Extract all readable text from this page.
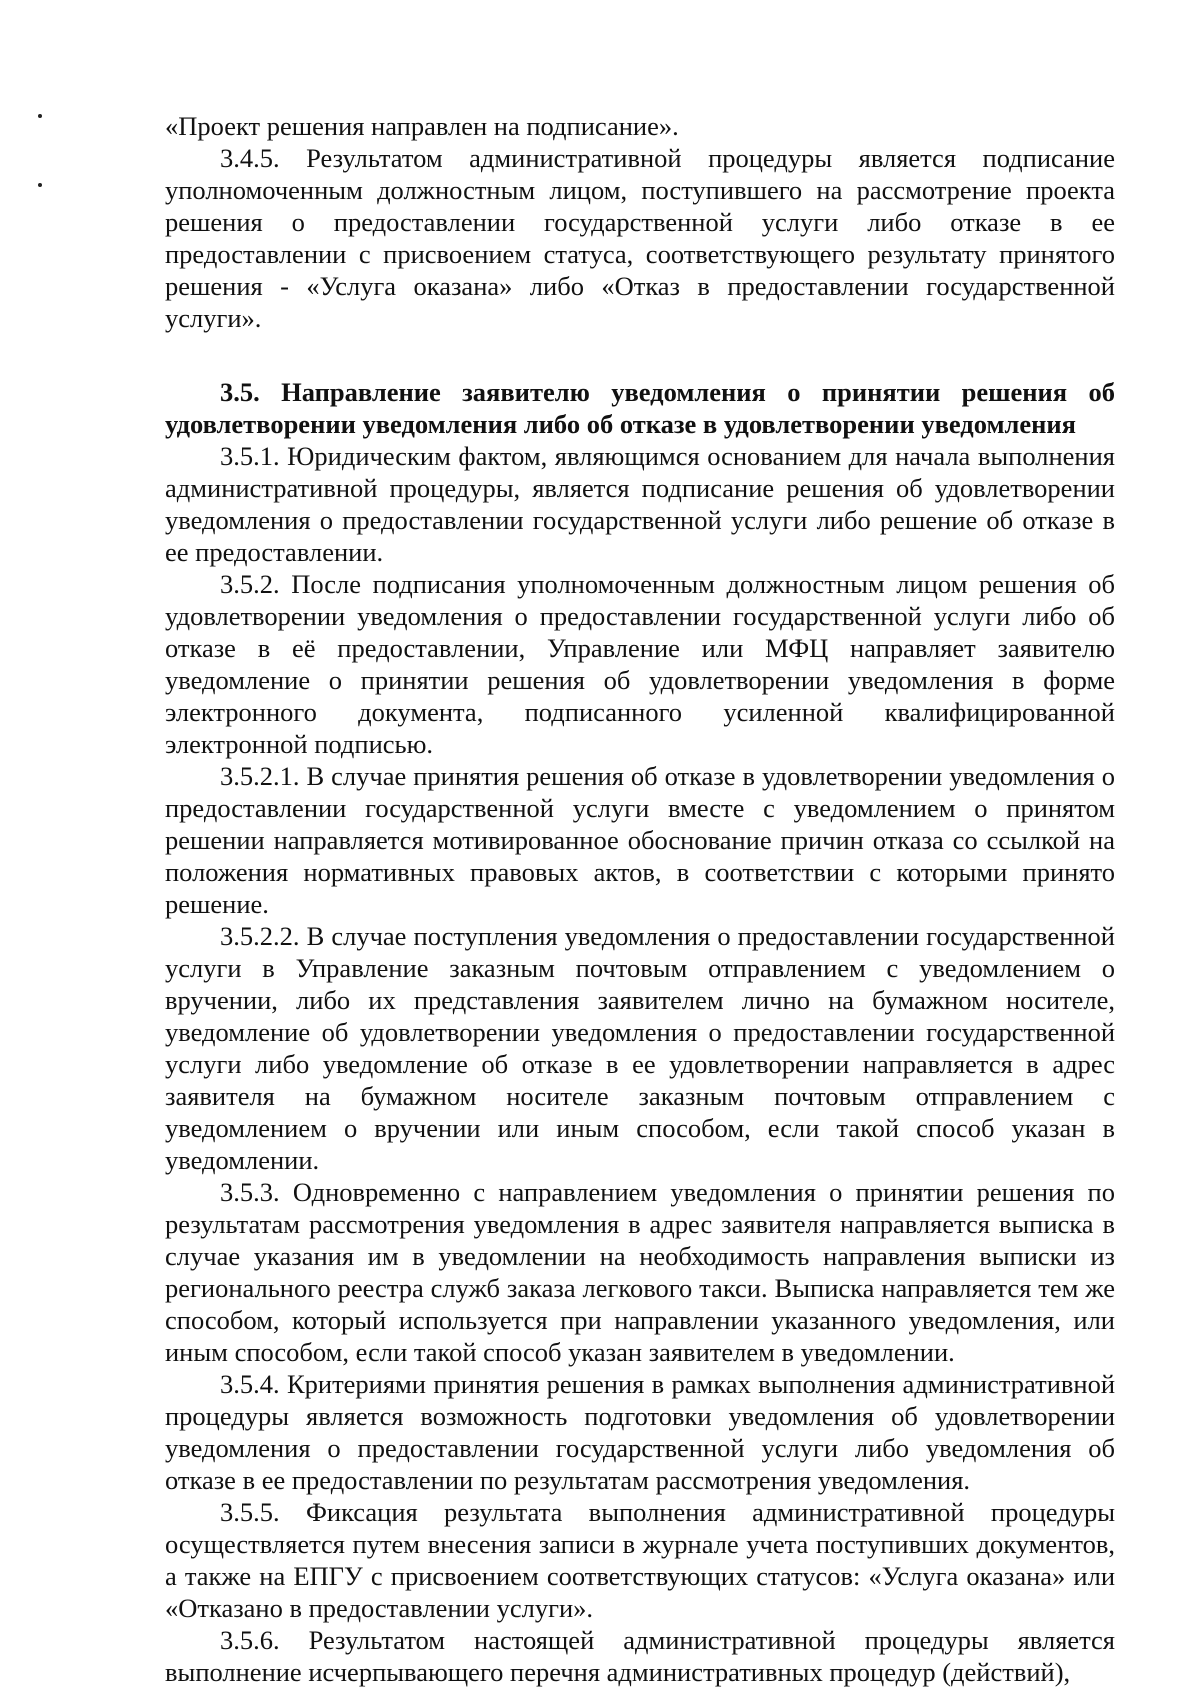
«Проект решения направлен на подписание».

3.4.5. Результатом административной процедуры является подписание уполномоченным должностным лицом, поступившего на рассмотрение проекта решения о предоставлении государственной услуги либо отказе в ее предоставлении с присвоением статуса, соответствующего результату принятого решения - «Услуга оказана» либо «Отказ в предоставлении государственной услуги».

3.5. Направление заявителю уведомления о принятии решения об удовлетворении уведомления либо об отказе в удовлетворении уведомления

3.5.1. Юридическим фактом, являющимся основанием для начала выполнения административной процедуры, является подписание решения об удовлетворении уведомления о предоставлении государственной услуги либо решение об отказе в ее предоставлении.

3.5.2. После подписания уполномоченным должностным лицом решения об удовлетворении уведомления о предоставлении государственной услуги либо об отказе в её предоставлении, Управление или МФЦ направляет заявителю уведомление о принятии решения об удовлетворении уведомления в форме электронного документа, подписанного усиленной квалифицированной электронной подписью.

3.5.2.1. В случае принятия решения об отказе в удовлетворении уведомления о предоставлении государственной услуги вместе с уведомлением о принятом решении направляется мотивированное обоснование причин отказа со ссылкой на положения нормативных правовых актов, в соответствии с которыми принято решение.

3.5.2.2. В случае поступления уведомления о предоставлении государственной услуги в Управление заказным почтовым отправлением с уведомлением о вручении, либо их представления заявителем лично на бумажном носителе, уведомление об удовлетворении уведомления о предоставлении государственной услуги либо уведомление об отказе в ее удовлетворении направляется в адрес заявителя на бумажном носителе заказным почтовым отправлением с уведомлением о вручении или иным способом, если такой способ указан в уведомлении.

3.5.3. Одновременно с направлением уведомления о принятии решения по результатам рассмотрения уведомления в адрес заявителя направляется выписка в случае указания им в уведомлении на необходимость направления выписки из регионального реестра служб заказа легкового такси. Выписка направляется тем же способом, который используется при направлении указанного уведомления, или иным способом, если такой способ указан заявителем в уведомлении.

3.5.4. Критериями принятия решения в рамках выполнения административной процедуры является возможность подготовки уведомления об удовлетворении уведомления о предоставлении государственной услуги либо уведомления об отказе в ее предоставлении по результатам рассмотрения уведомления.

3.5.5. Фиксация результата выполнения административной процедуры осуществляется путем внесения записи в журнале учета поступивших документов, а также на ЕПГУ с присвоением соответствующих статусов: «Услуга оказана» или «Отказано в предоставлении услуги».

3.5.6. Результатом настоящей административной процедуры является выполнение исчерпывающего перечня административных процедур (действий),
